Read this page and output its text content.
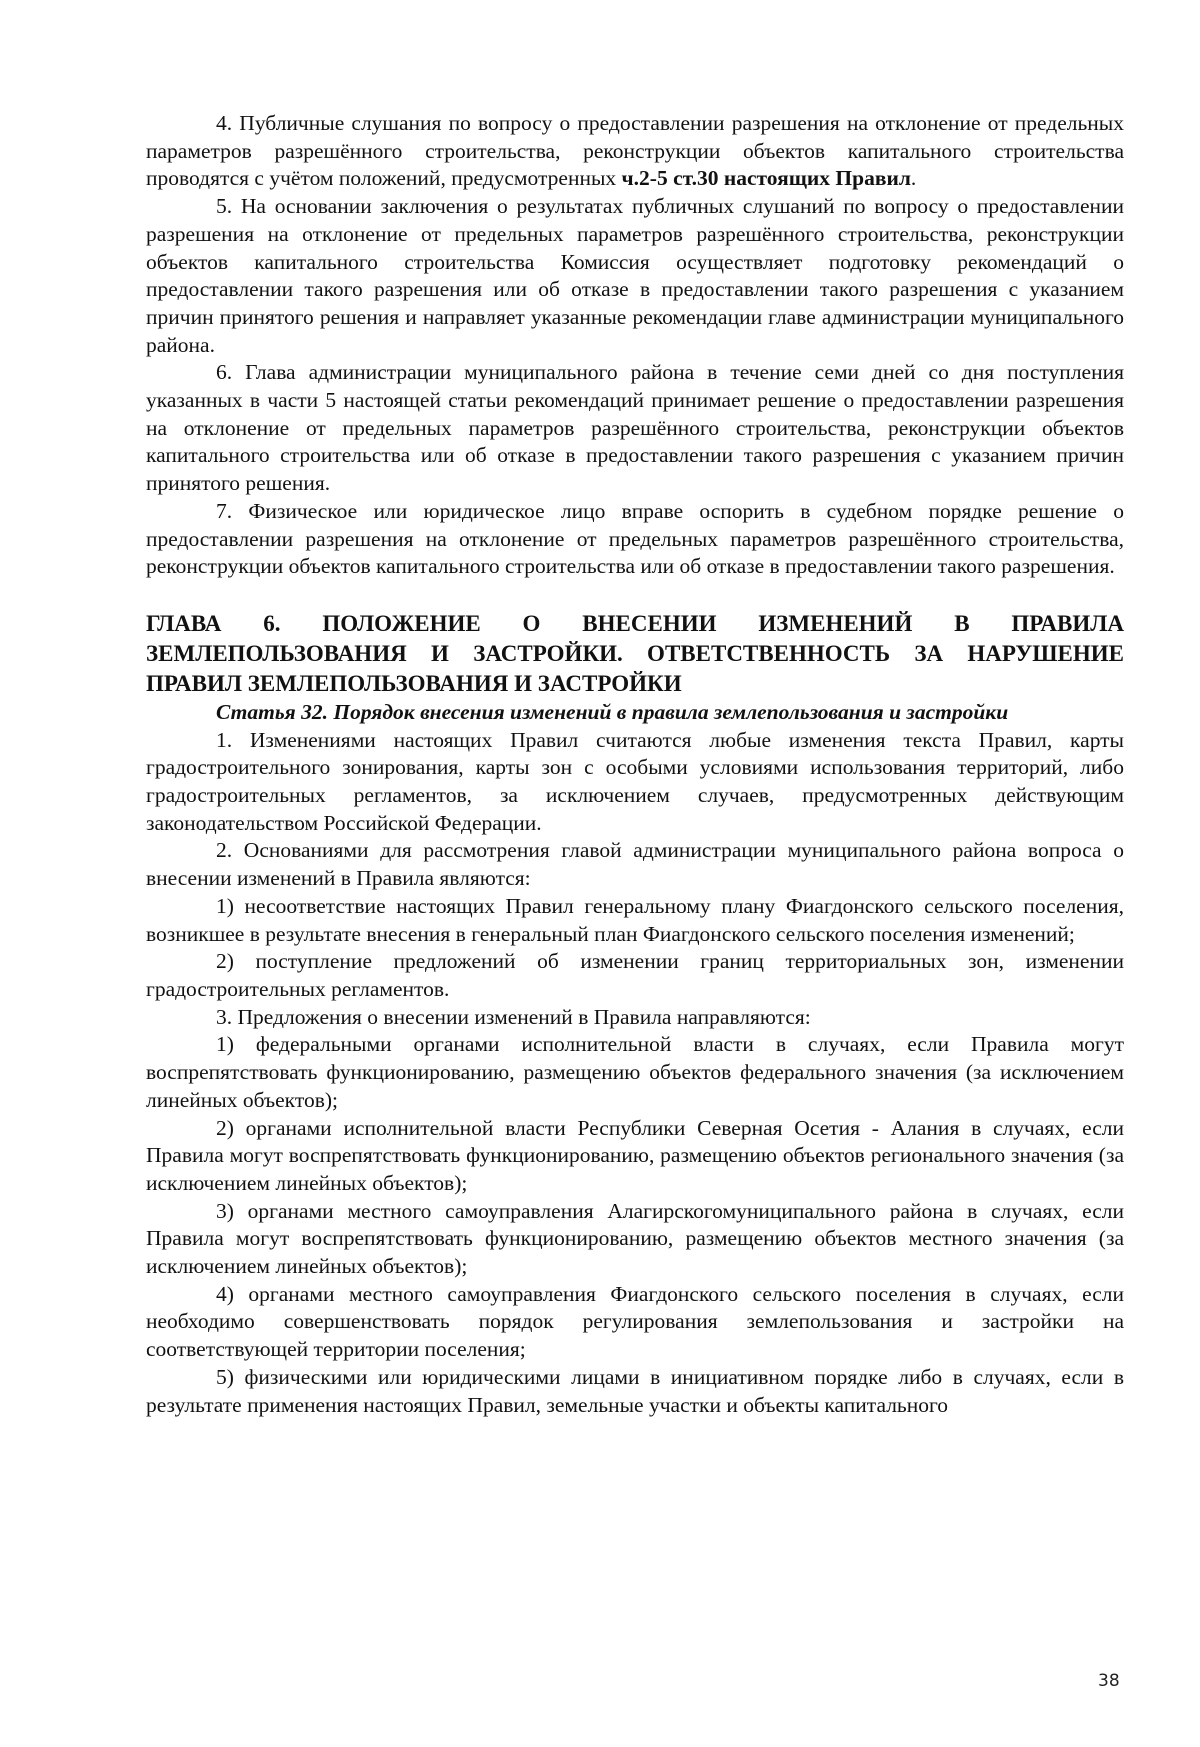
4. Публичные слушания по вопросу о предоставлении разрешения на отклонение от предельных параметров разрешённого строительства, реконструкции объектов капитального строительства проводятся с учётом положений, предусмотренных ч.2-5 ст.30 настоящих Правил.

5. На основании заключения о результатах публичных слушаний по вопросу о предоставлении разрешения на отклонение от предельных параметров разрешённого строительства, реконструкции объектов капитального строительства Комиссия осуществляет подготовку рекомендаций о предоставлении такого разрешения или об отказе в предоставлении такого разрешения с указанием причин принятого решения и направляет указанные рекомендации главе администрации муниципального района.

6. Глава администрации муниципального района в течение семи дней со дня поступления указанных в части 5 настоящей статьи рекомендаций принимает решение о предоставлении разрешения на отклонение от предельных параметров разрешённого строительства, реконструкции объектов капитального строительства или об отказе в предоставлении такого разрешения с указанием причин принятого решения.

7. Физическое или юридическое лицо вправе оспорить в судебном порядке решение о предоставлении разрешения на отклонение от предельных параметров разрешённого строительства, реконструкции объектов капитального строительства или об отказе в предоставлении такого разрешения.

ГЛАВА 6. ПОЛОЖЕНИЕ О ВНЕСЕНИИ ИЗМЕНЕНИЙ В ПРАВИЛА ЗЕМЛЕПОЛЬЗОВАНИЯ И ЗАСТРОЙКИ. ОТВЕТСТВЕННОСТЬ ЗА НАРУШЕНИЕ ПРАВИЛ ЗЕМЛЕПОЛЬЗОВАНИЯ И ЗАСТРОЙКИ

Статья 32. Порядок внесения изменений в правила землепользования и застройки

1. Изменениями настоящих Правил считаются любые изменения текста Правил, карты градостроительного зонирования, карты зон с особыми условиями использования территорий, либо градостроительных регламентов, за исключением случаев, предусмотренных действующим законодательством Российской Федерации.

2. Основаниями для рассмотрения главой администрации муниципального района вопроса о внесении изменений в Правила являются:

1) несоответствие настоящих Правил генеральному плану Фиагдонского сельского поселения, возникшее в результате внесения в генеральный план Фиагдонского сельского поселения изменений;

2) поступление предложений об изменении границ территориальных зон, изменении градостроительных регламентов.

3. Предложения о внесении изменений в Правила направляются:

1) федеральными органами исполнительной власти в случаях, если Правила могут воспрепятствовать функционированию, размещению объектов федерального значения (за исключением линейных объектов);

2) органами исполнительной власти Республики Северная Осетия - Алания в случаях, если Правила могут воспрепятствовать функционированию, размещению объектов регионального значения (за исключением линейных объектов);

3) органами местного самоуправления Алагирскогомуниципального района в случаях, если Правила могут воспрепятствовать функционированию, размещению объектов местного значения (за исключением линейных объектов);

4) органами местного самоуправления Фиагдонского сельского поселения в случаях, если необходимо совершенствовать порядок регулирования землепользования и застройки на соответствующей территории поселения;

5) физическими или юридическими лицами в инициативном порядке либо в случаях, если в результате применения настоящих Правил, земельные участки и объекты капитального

38
